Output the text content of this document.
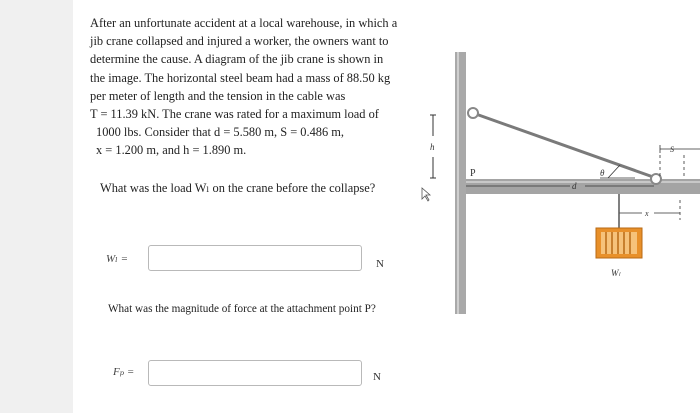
After an unfortunate accident at a local warehouse, in which a

jib crane collapsed and injured a worker, the owners want to

determine the cause. A diagram of the jib crane is shown in

the image. The horizontal steel beam had a mass of 88.50 kg

per meter of length and the tension in the cable was

T = 11.39 kN. The crane was rated for a maximum load of

1000 lbs. Consider that d = 5.580 m, S = 0.486 m,

x = 1.200 m, and h = 1.890 m.

What was the load Wₗ on the crane before the collapse?
Wₗ =	N
What was the magnitude of force at the attachment point P?
Fₚ =	N
h
P
d
θ
S
x
Wₗ
